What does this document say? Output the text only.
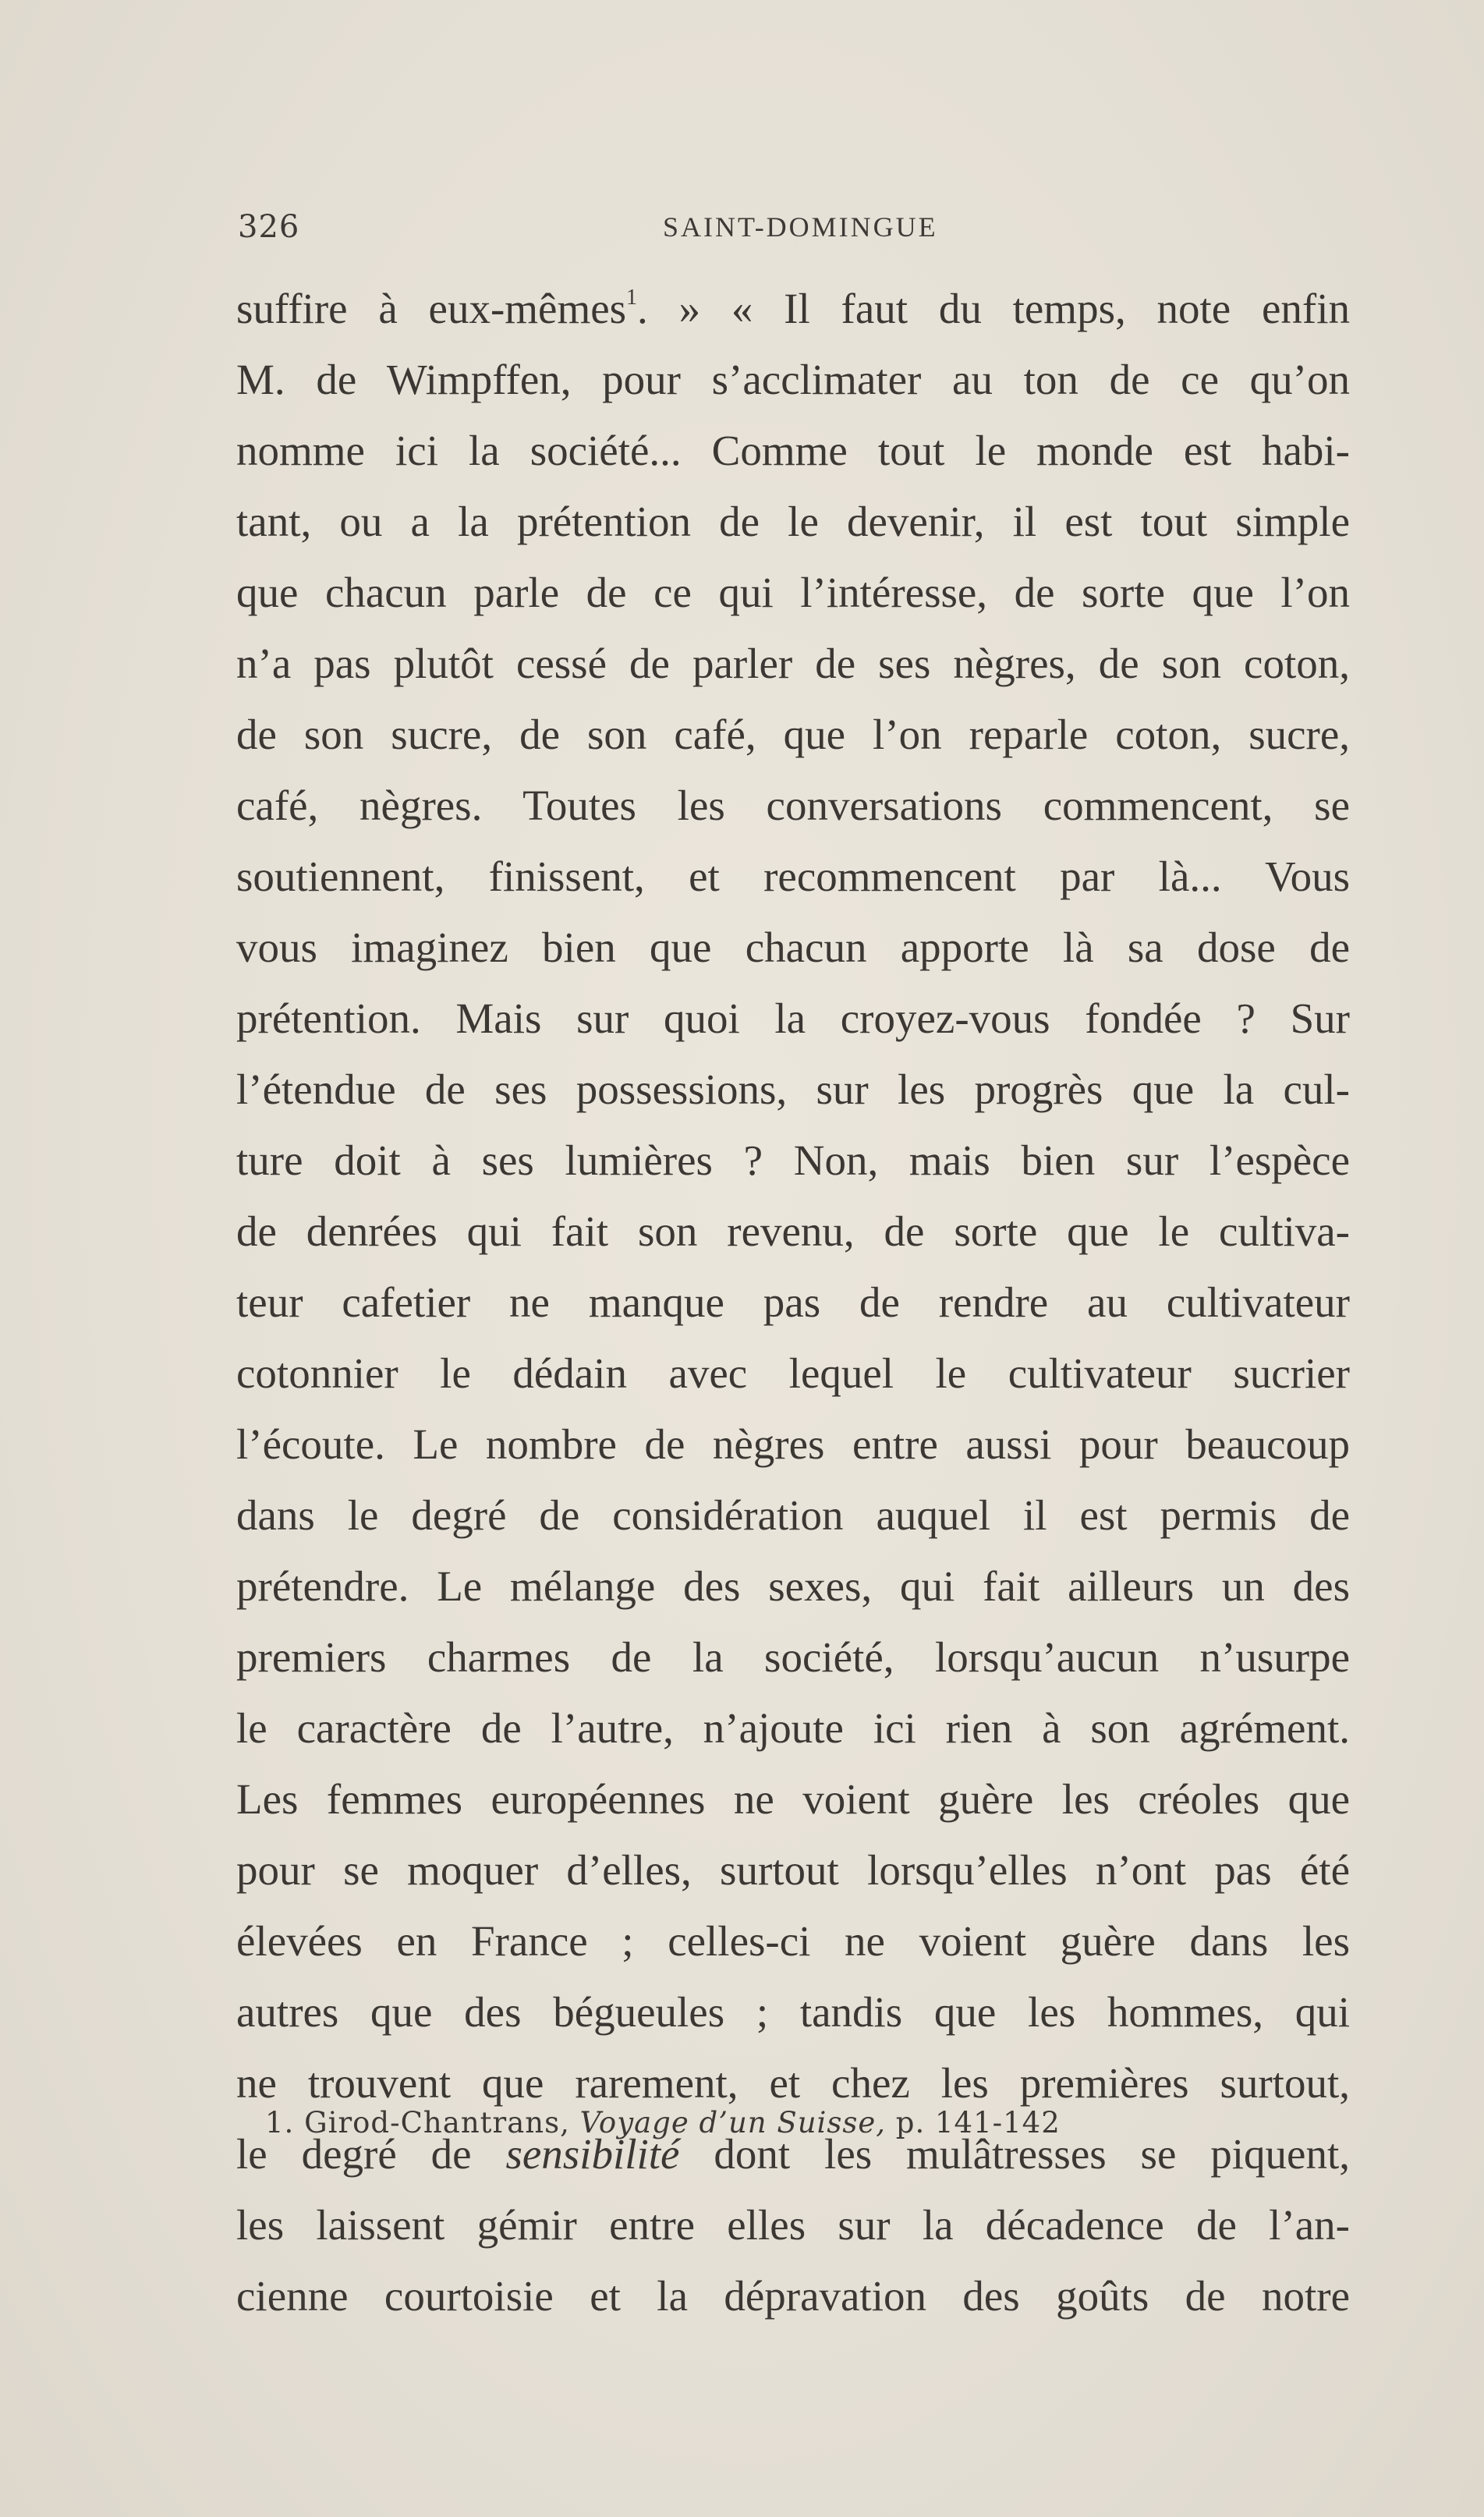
326	SAINT-DOMINGUE
suffire à eux-mêmes$^1$. » « Il faut du temps, note enfin
M. de Wimpffen, pour s’acclimater au ton de ce qu’on
nomme ici la société... Comme tout le monde est habi-
tant, ou a la prétention de le devenir, il est tout simple
que chacun parle de ce qui l’intéresse, de sorte que l’on
n’a pas plutôt cessé de parler de ses nègres, de son coton,
de son sucre, de son café, que l’on reparle coton, sucre,
café, nègres. Toutes les conversations commencent, se
soutiennent, finissent, et recommencent par là... Vous
vous imaginez bien que chacun apporte là sa dose de
prétention. Mais sur quoi la croyez-vous fondée ? Sur
l’étendue de ses possessions, sur les progrès que la cul-
ture doit à ses lumières ? Non, mais bien sur l’espèce
de denrées qui fait son revenu, de sorte que le cultiva-
teur cafetier ne manque pas de rendre au cultivateur
cotonnier le dédain avec lequel le cultivateur sucrier
l’écoute. Le nombre de nègres entre aussi pour beaucoup
dans le degré de considération auquel il est permis de
prétendre. Le mélange des sexes, qui fait ailleurs un des
premiers charmes de la société, lorsqu’aucun n’usurpe
le caractère de l’autre, n’ajoute ici rien à son agrément.
Les femmes européennes ne voient guère les créoles que
pour se moquer d’elles, surtout lorsqu’elles n’ont pas été
élevées en France ; celles-ci ne voient guère dans les
autres que des bégueules ; tandis que les hommes, qui
ne trouvent que rarement, et chez les premières surtout,
le degré de sensibilité dont les mulâtresses se piquent,
les laissent gémir entre elles sur la décadence de l’an-
cienne courtoisie et la dépravation des goûts de notre
1. Girod-Chantrans, Voyage d’un Suisse, p. 141-142
